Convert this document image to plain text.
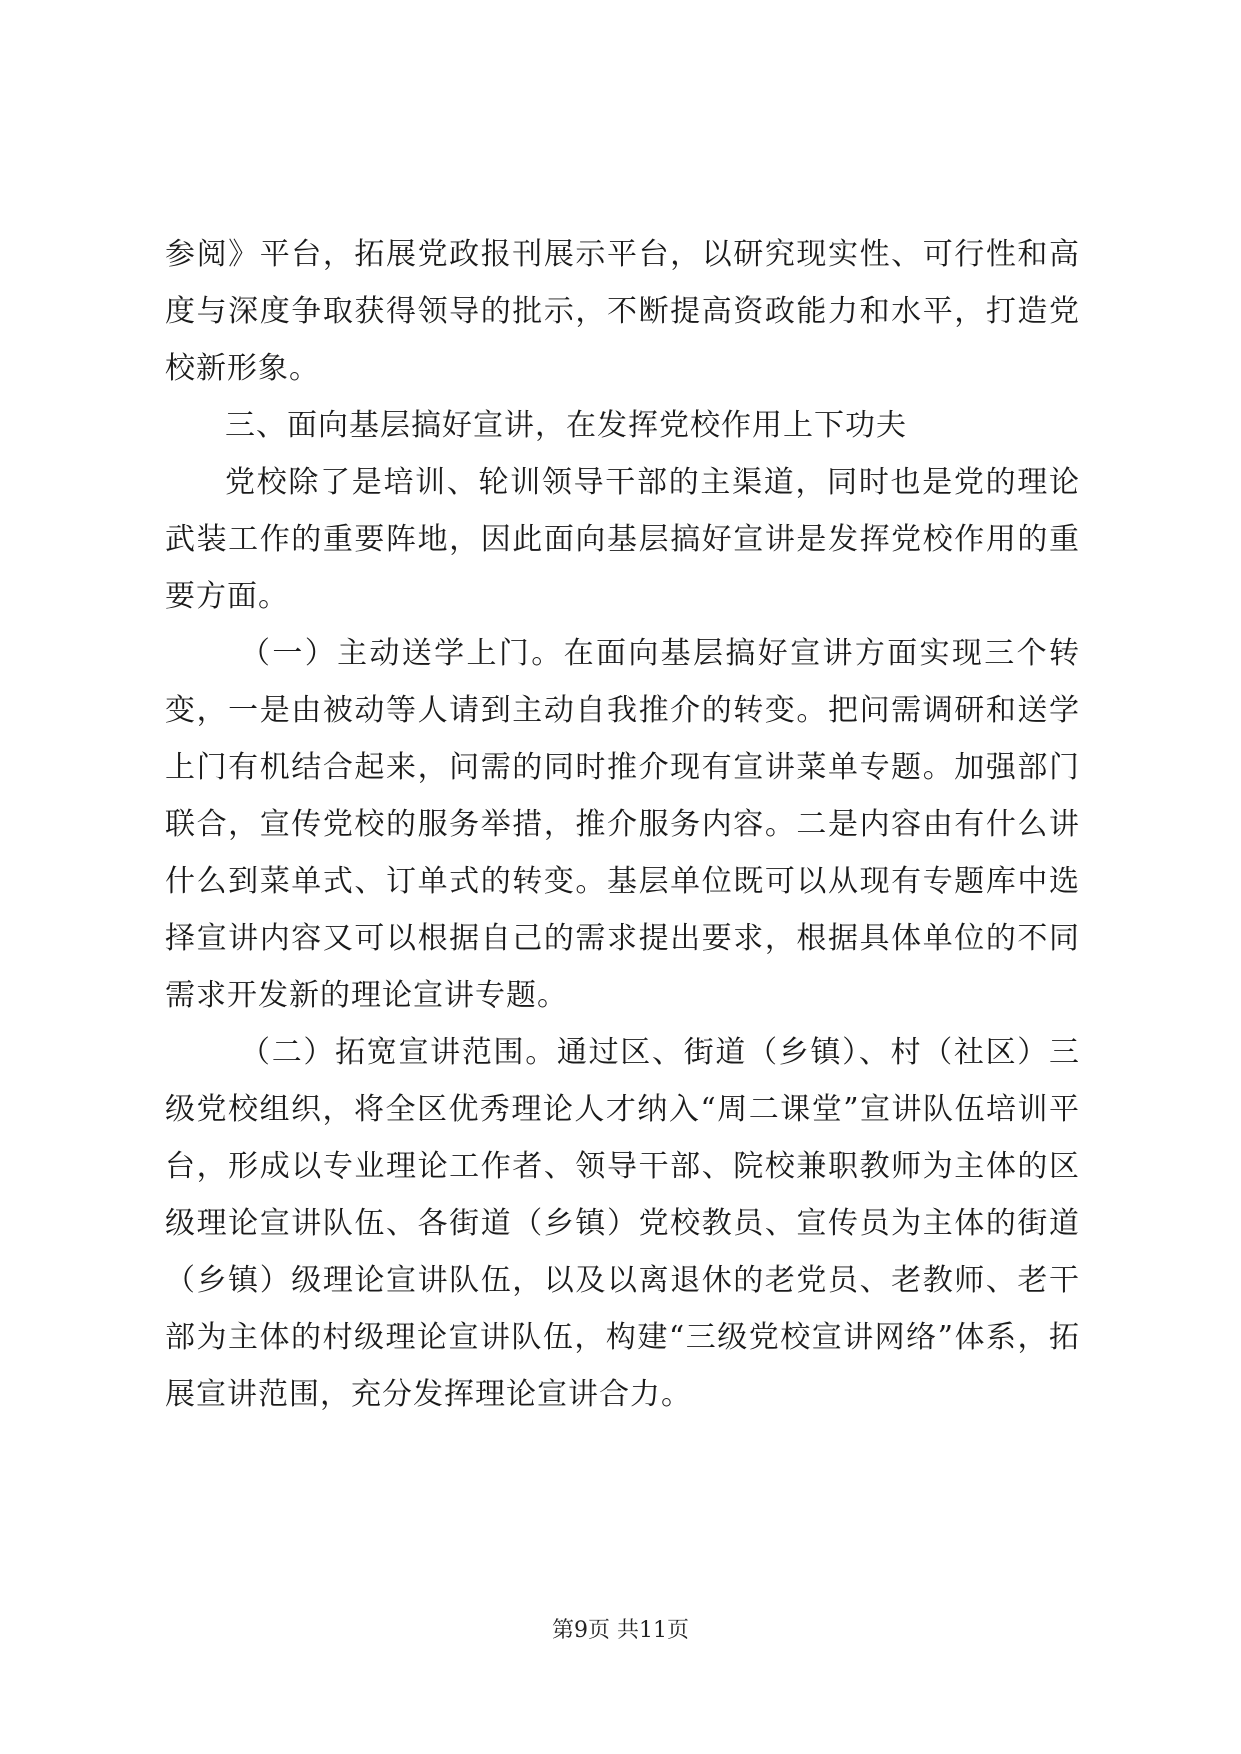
参阅》平台，拓展党政报刊展示平台，以研究现实性、可行性和高度与深度争取获得领导的批示，不断提高资政能力和水平，打造党校新形象。

三、面向基层搞好宣讲，在发挥党校作用上下功夫

党校除了是培训、轮训领导干部的主渠道，同时也是党的理论武装工作的重要阵地，因此面向基层搞好宣讲是发挥党校作用的重要方面。

（一）主动送学上门。在面向基层搞好宣讲方面实现三个转变，一是由被动等人请到主动自我推介的转变。把问需调研和送学上门有机结合起来，问需的同时推介现有宣讲菜单专题。加强部门联合，宣传党校的服务举措，推介服务内容。二是内容由有什么讲什么到菜单式、订单式的转变。基层单位既可以从现有专题库中选择宣讲内容又可以根据自己的需求提出要求，根据具体单位的不同需求开发新的理论宣讲专题。

（二）拓宽宣讲范围。通过区、街道（乡镇）、村（社区）三级党校组织，将全区优秀理论人才纳入“周二课堂”宣讲队伍培训平台，形成以专业理论工作者、领导干部、院校兼职教师为主体的区级理论宣讲队伍、各街道（乡镇）党校教员、宣传员为主体的街道（乡镇）级理论宣讲队伍，以及以离退休的老党员、老教师、老干部为主体的村级理论宣讲队伍，构建“三级党校宣讲网络”体系，拓展宣讲范围，充分发挥理论宣讲合力。

第9页 共11页
